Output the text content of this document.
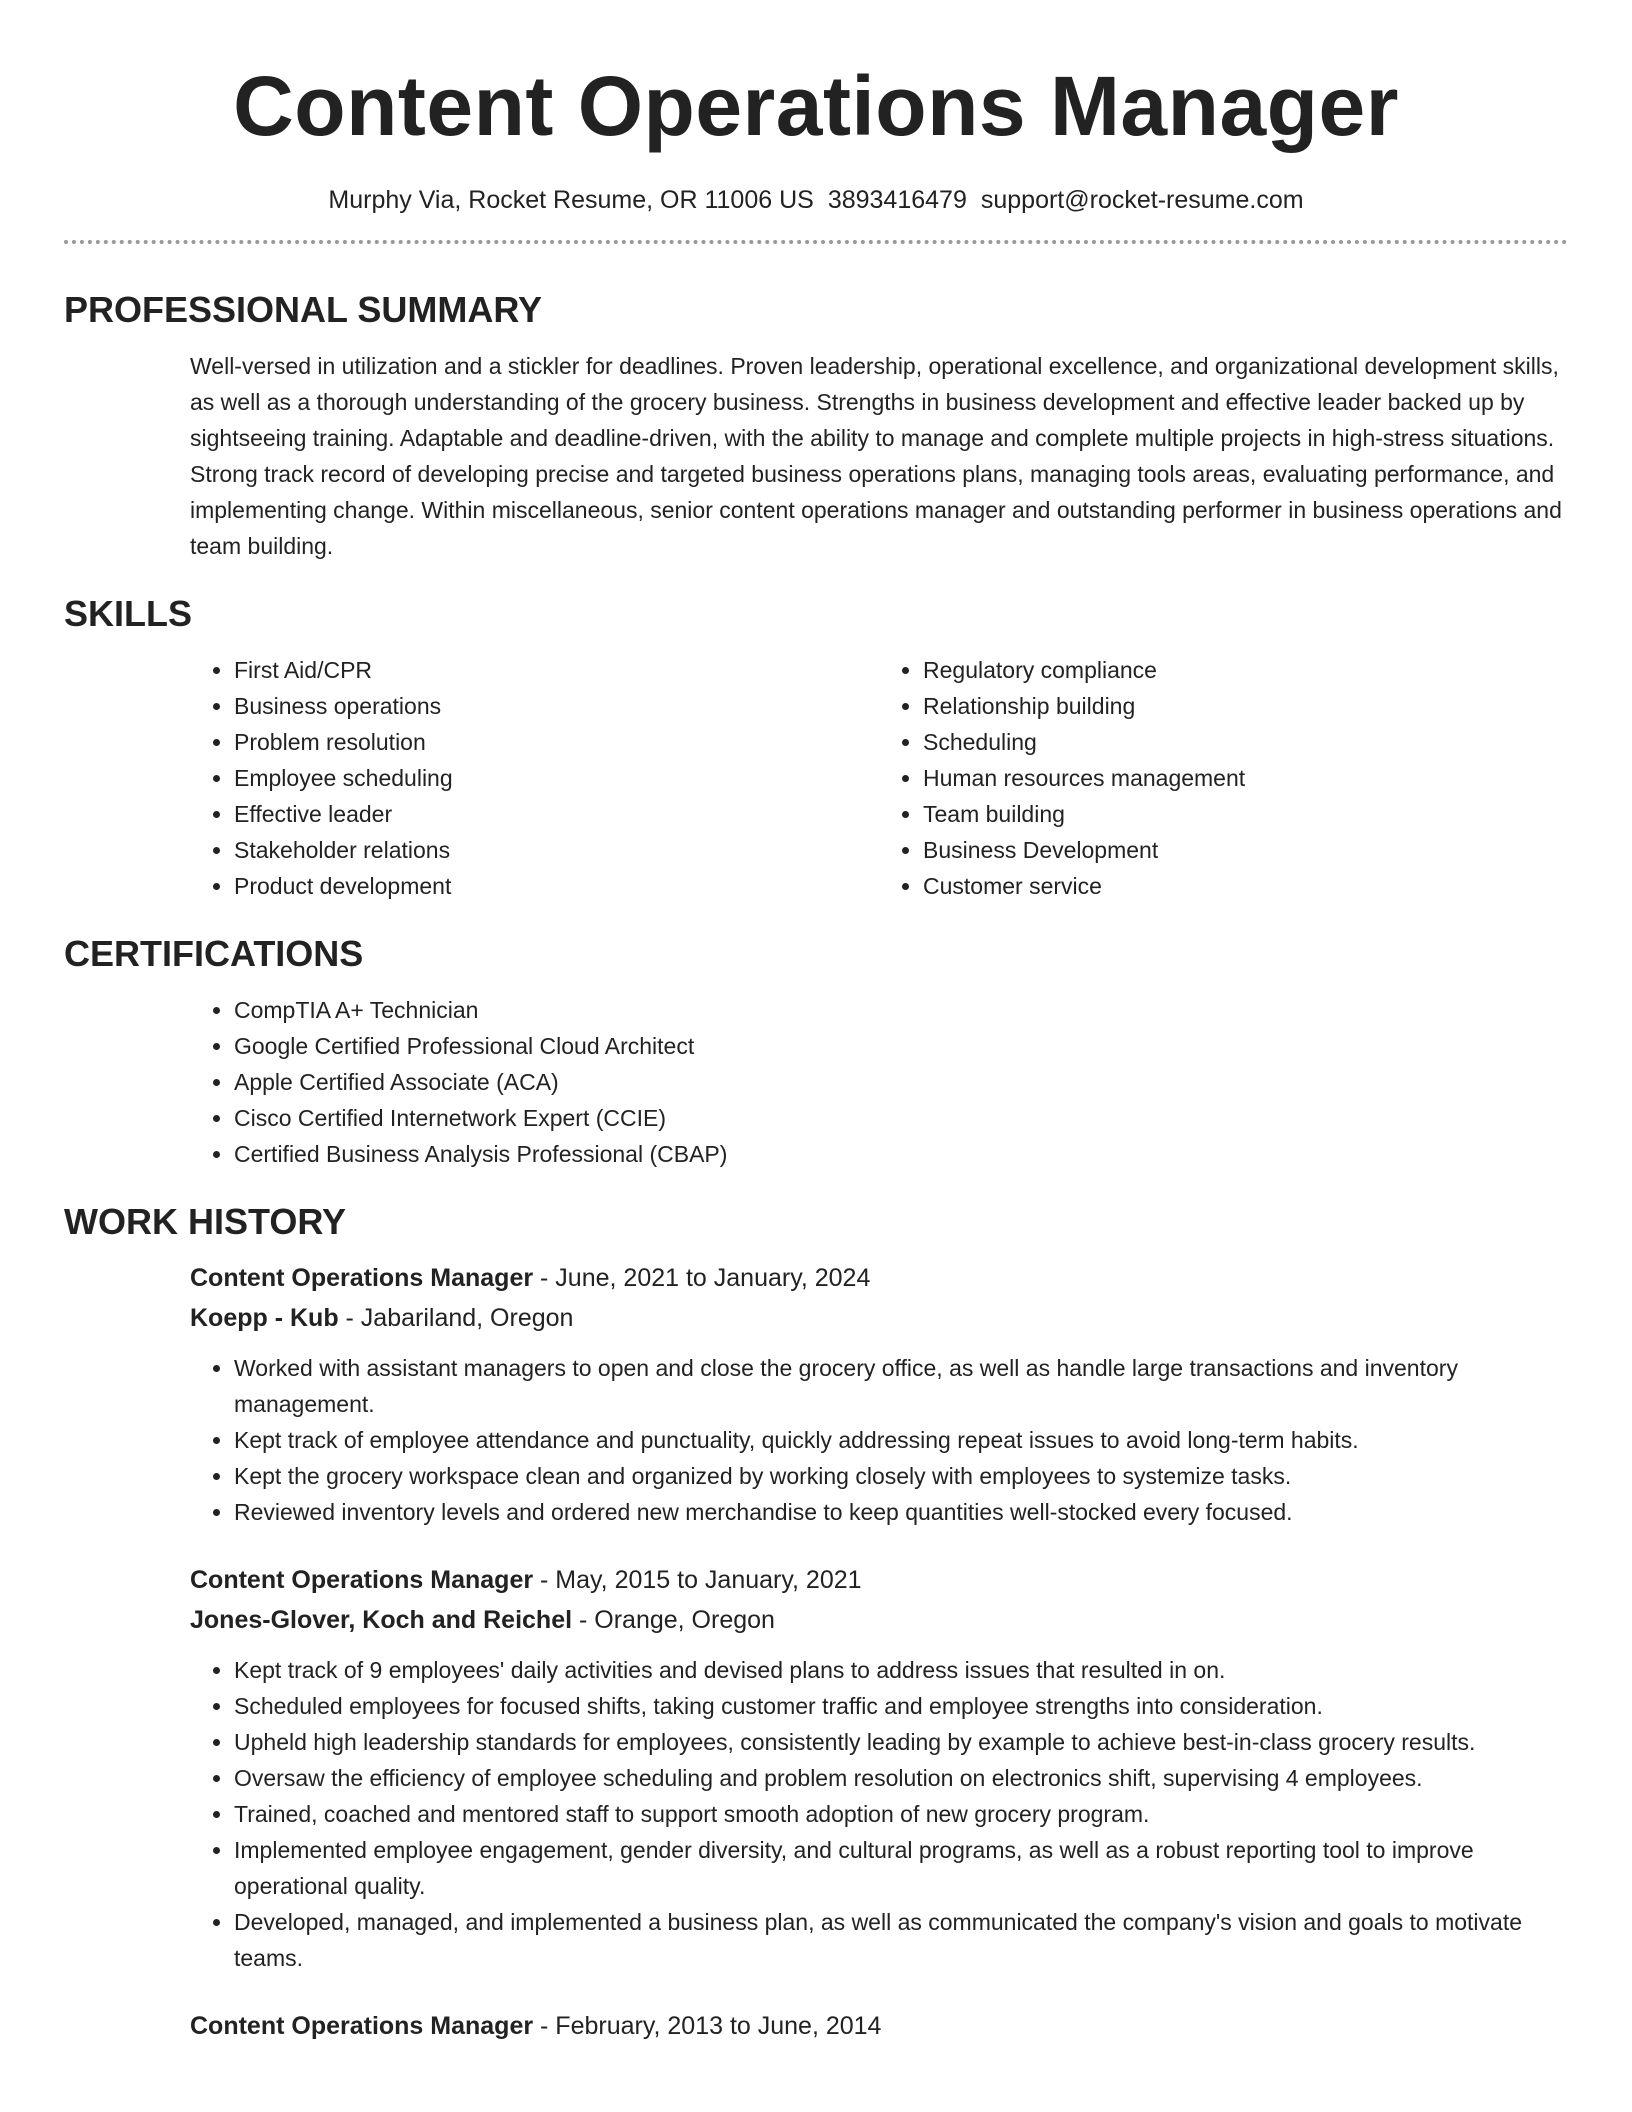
Content Operations Manager
Murphy Via, Rocket Resume, OR 11006 US 3893416479 support@rocket-resume.com
PROFESSIONAL SUMMARY

Well-versed in utilization and a stickler for deadlines. Proven leadership, operational excellence, and organizational development skills, as well as a thorough understanding of the grocery business. Strengths in business development and effective leader backed up by sightseeing training. Adaptable and deadline-driven, with the ability to manage and complete multiple projects in high-stress situations. Strong track record of developing precise and targeted business operations plans, managing tools areas, evaluating performance, and implementing change. Within miscellaneous, senior content operations manager and outstanding performer in business operations and team building.

SKILLS
• First Aid/CPR
• Business operations
• Problem resolution
• Employee scheduling
• Effective leader
• Stakeholder relations
• Product development
• Regulatory compliance
• Relationship building
• Scheduling
• Human resources management
• Team building
• Business Development
• Customer service
CERTIFICATIONS
• CompTIA A+ Technician
• Google Certified Professional Cloud Architect
• Apple Certified Associate (ACA)
• Cisco Certified Internetwork Expert (CCIE)
• Certified Business Analysis Professional (CBAP)
WORK HISTORY
Content Operations Manager - June, 2021 to January, 2024
Koepp - Kub - Jabariland, Oregon
• Worked with assistant managers to open and close the grocery office, as well as handle large transactions and inventory management.
• Kept track of employee attendance and punctuality, quickly addressing repeat issues to avoid long-term habits.
• Kept the grocery workspace clean and organized by working closely with employees to systemize tasks.
• Reviewed inventory levels and ordered new merchandise to keep quantities well-stocked every focused.
Content Operations Manager - May, 2015 to January, 2021
Jones-Glover, Koch and Reichel - Orange, Oregon
• Kept track of 9 employees' daily activities and devised plans to address issues that resulted in on.
• Scheduled employees for focused shifts, taking customer traffic and employee strengths into consideration.
• Upheld high leadership standards for employees, consistently leading by example to achieve best-in-class grocery results.
• Oversaw the efficiency of employee scheduling and problem resolution on electronics shift, supervising 4 employees.
• Trained, coached and mentored staff to support smooth adoption of new grocery program.
• Implemented employee engagement, gender diversity, and cultural programs, as well as a robust reporting tool to improve operational quality.
• Developed, managed, and implemented a business plan, as well as communicated the company's vision and goals to motivate teams.
Content Operations Manager - February, 2013 to June, 2014
